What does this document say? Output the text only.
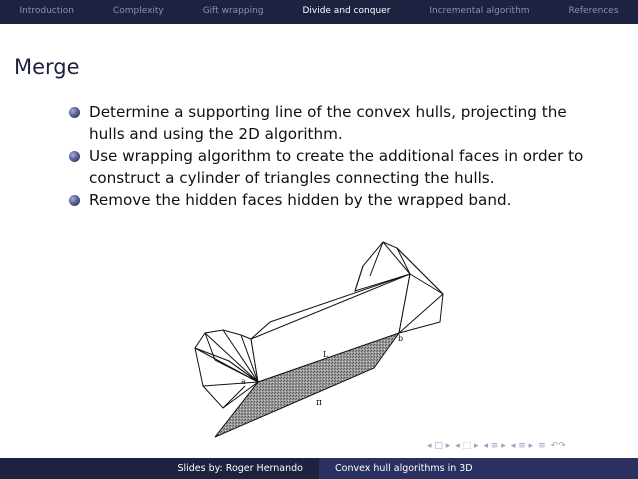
Introduction	Complexity	Gift wrapping	Divide and conquer	Incremental algorithm	References
Merge
Determine a supporting line of the convex hulls, projecting the hulls and using the 2D algorithm.
Use wrapping algorithm to create the additional faces in order to construct a cylinder of triangles connecting the hulls.
Remove the hidden faces hidden by the wrapped band.
a
b
L
π
◂ □ ▸ ◂ ⬚ ▸ ◂ ≡ ▸ ◂ ≡ ▸ ≡ ↶↷
Slides by: Roger Hernando	Convex hull algorithms in 3D
